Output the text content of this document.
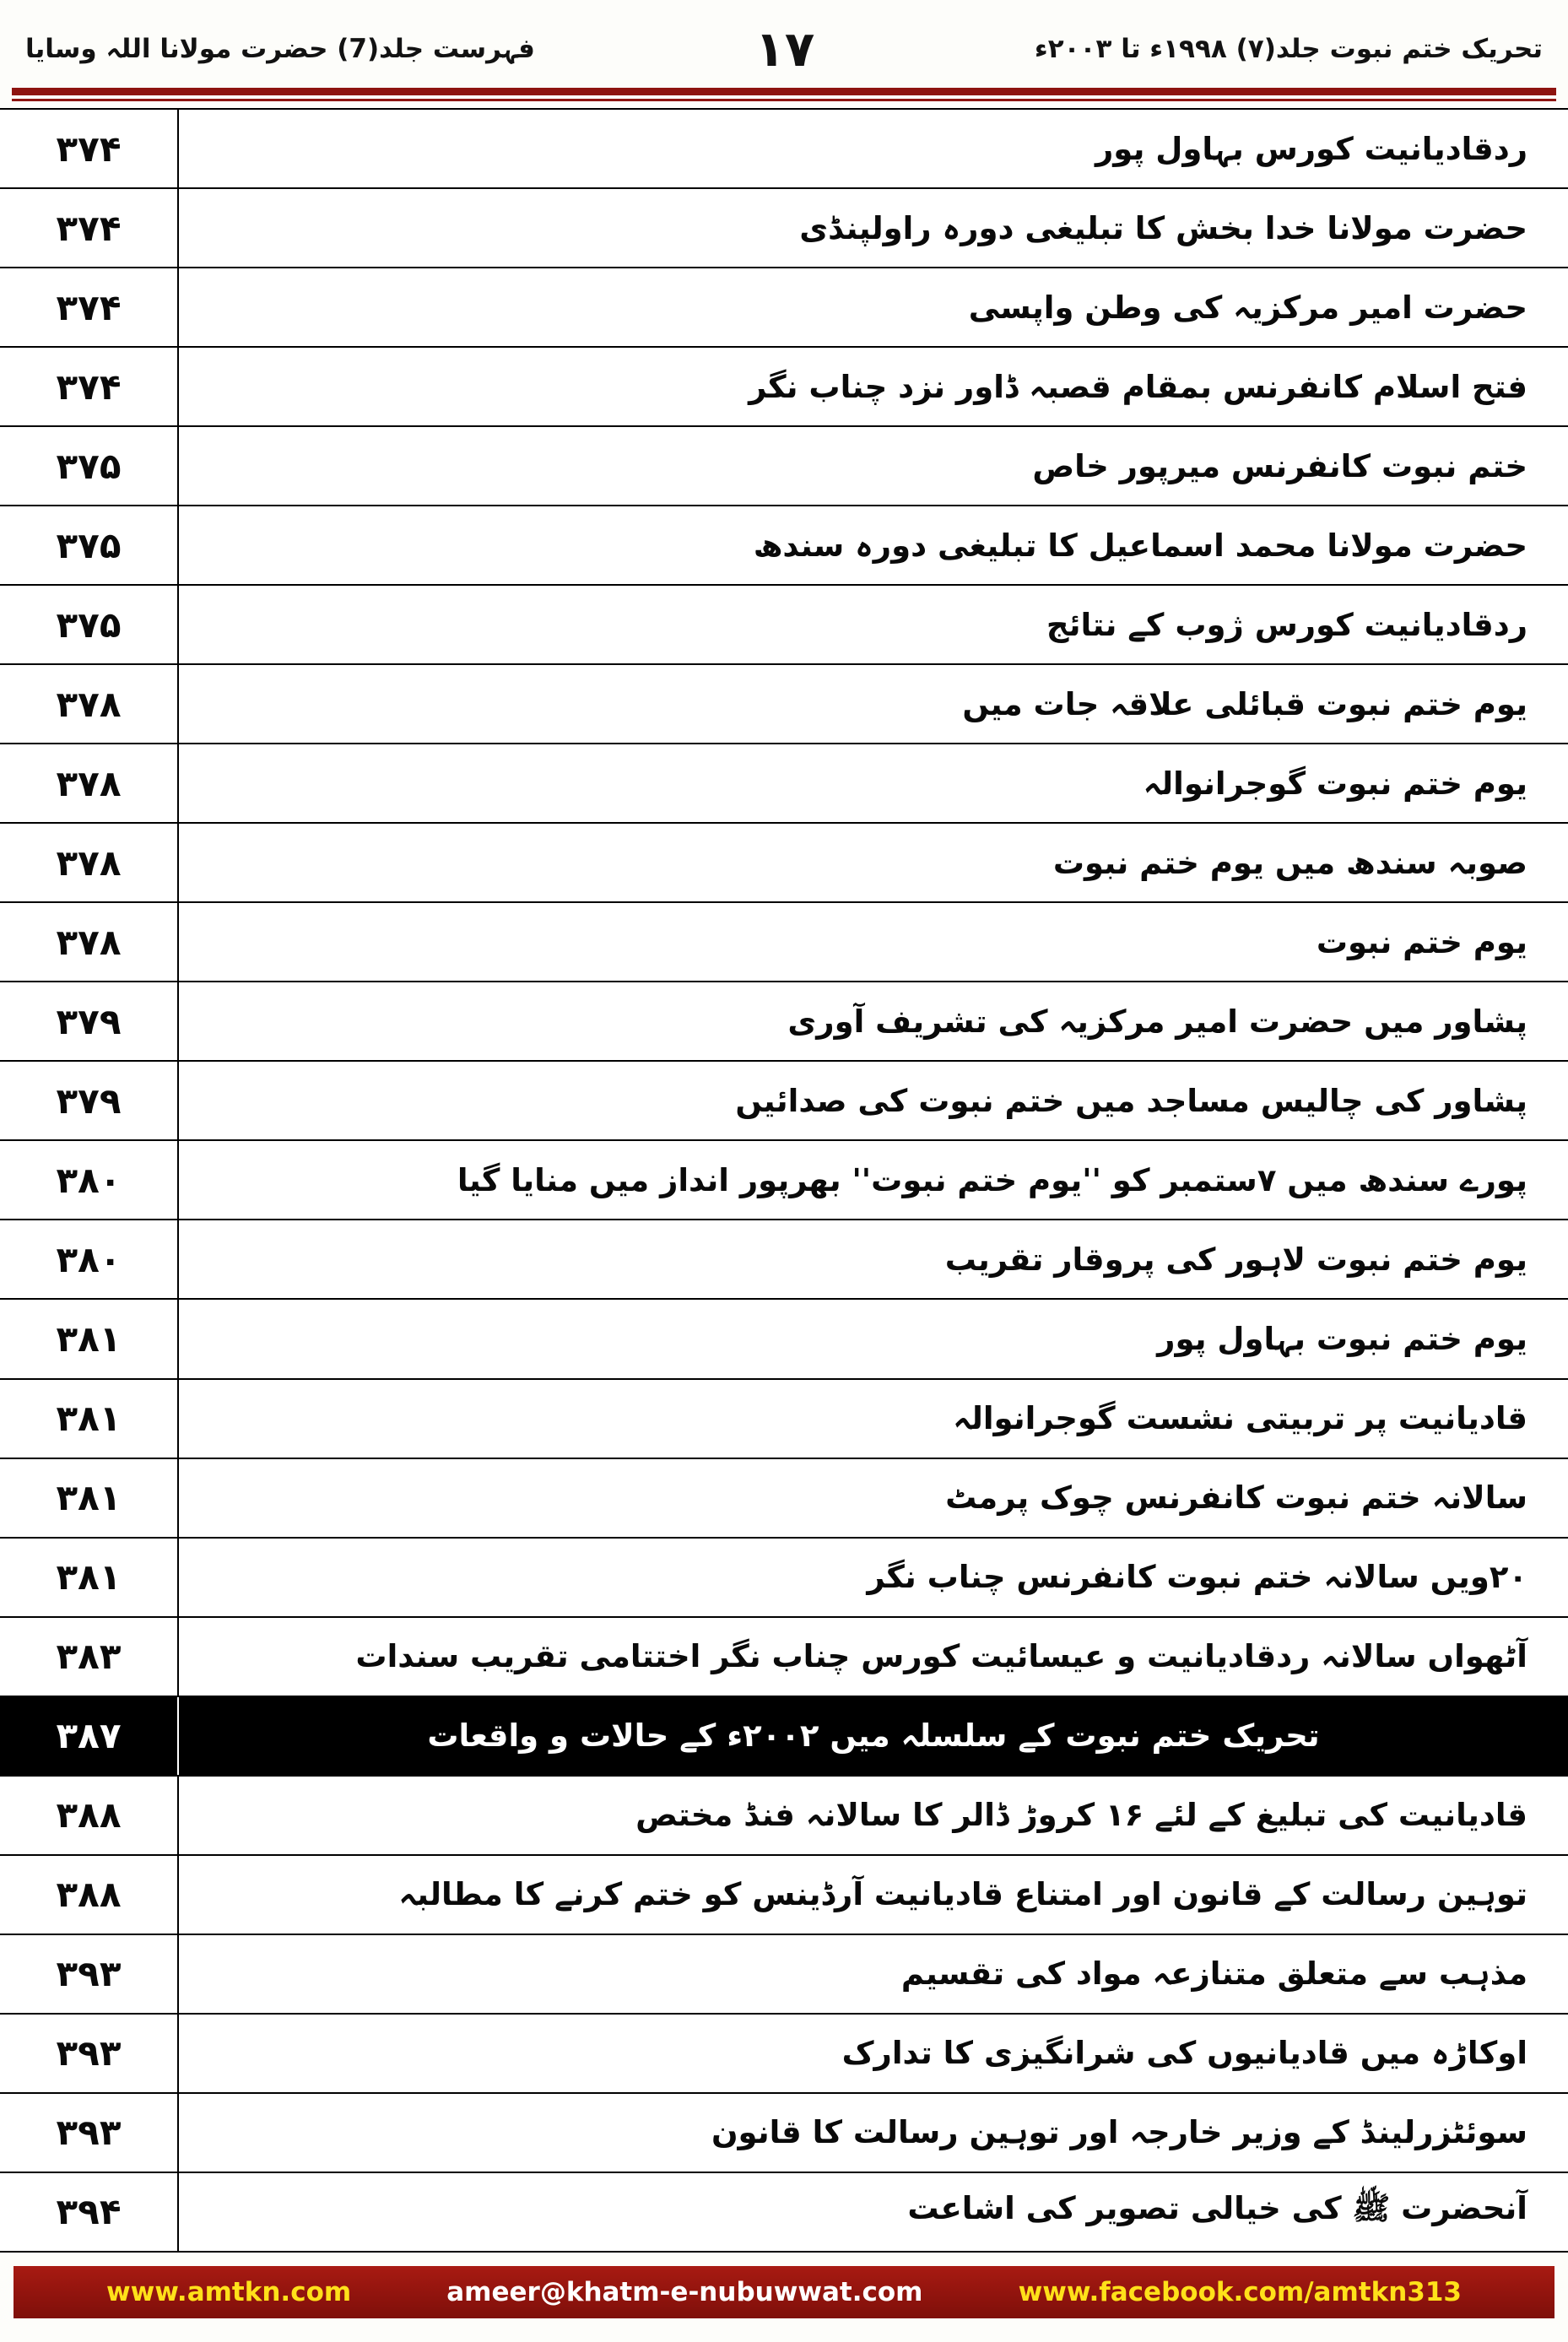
تحریک ختم نبوت جلد(۷) ۱۹۹۸ء تا ۲۰۰۳ء
۱۷
فہرست جلد(7) حضرت مولانا اللہ وسایا
ردقادیانیت کورس بہاول پور
۳۷۴
حضرت مولانا خدا بخش کا تبلیغی دورہ راولپنڈی
۳۷۴
حضرت امیر مرکزیہ کی وطن واپسی
۳۷۴
فتح اسلام کانفرنس بمقام قصبہ ڈاور نزد چناب نگر
۳۷۴
ختم نبوت کانفرنس میرپور خاص
۳۷۵
حضرت مولانا محمد اسماعیل کا تبلیغی دورہ سندھ
۳۷۵
ردقادیانیت کورس ژوب کے نتائج
۳۷۵
یوم ختم نبوت قبائلی علاقہ جات میں
۳۷۸
یوم ختم نبوت گوجرانوالہ
۳۷۸
صوبہ سندھ میں یوم ختم نبوت
۳۷۸
یوم ختم نبوت
۳۷۸
پشاور میں حضرت امیر مرکزیہ کی تشریف آوری
۳۷۹
پشاور کی چالیس مساجد میں ختم نبوت کی صدائیں
۳۷۹
پورے سندھ میں ۷ستمبر کو ''یوم ختم نبوت'' بھرپور انداز میں منایا گیا
۳۸۰
یوم ختم نبوت لاہور کی پروقار تقریب
۳۸۰
یوم ختم نبوت بہاول پور
۳۸۱
قادیانیت پر تربیتی نشست گوجرانوالہ
۳۸۱
سالانہ ختم نبوت کانفرنس چوک پرمٹ
۳۸۱
۲۰ویں سالانہ ختم نبوت کانفرنس چناب نگر
۳۸۱
آٹھواں سالانہ ردقادیانیت و عیسائیت کورس چناب نگر اختتامی تقریب سندات
۳۸۳
تحریک ختم نبوت کے سلسلہ میں ۲۰۰۲ء کے حالات و واقعات
۳۸۷
قادیانیت کی تبلیغ کے لئے ۱۶ کروڑ ڈالر کا سالانہ فنڈ مختص
۳۸۸
توہین رسالت کے قانون اور امتناع قادیانیت آرڈینس کو ختم کرنے کا مطالبہ
۳۸۸
مذہب سے متعلق متنازعہ مواد کی تقسیم
۳۹۳
اوکاڑہ میں قادیانیوں کی شرانگیزی کا تدارک
۳۹۳
سوئٹزرلینڈ کے وزیر خارجہ اور توہین رسالت کا قانون
۳۹۳
آنحضرت ﷺ کی خیالی تصویر کی اشاعت
۳۹۴
www.amtkn.com	ameer@khatm-e-nubuwwat.com	www.facebook.com/amtkn313
